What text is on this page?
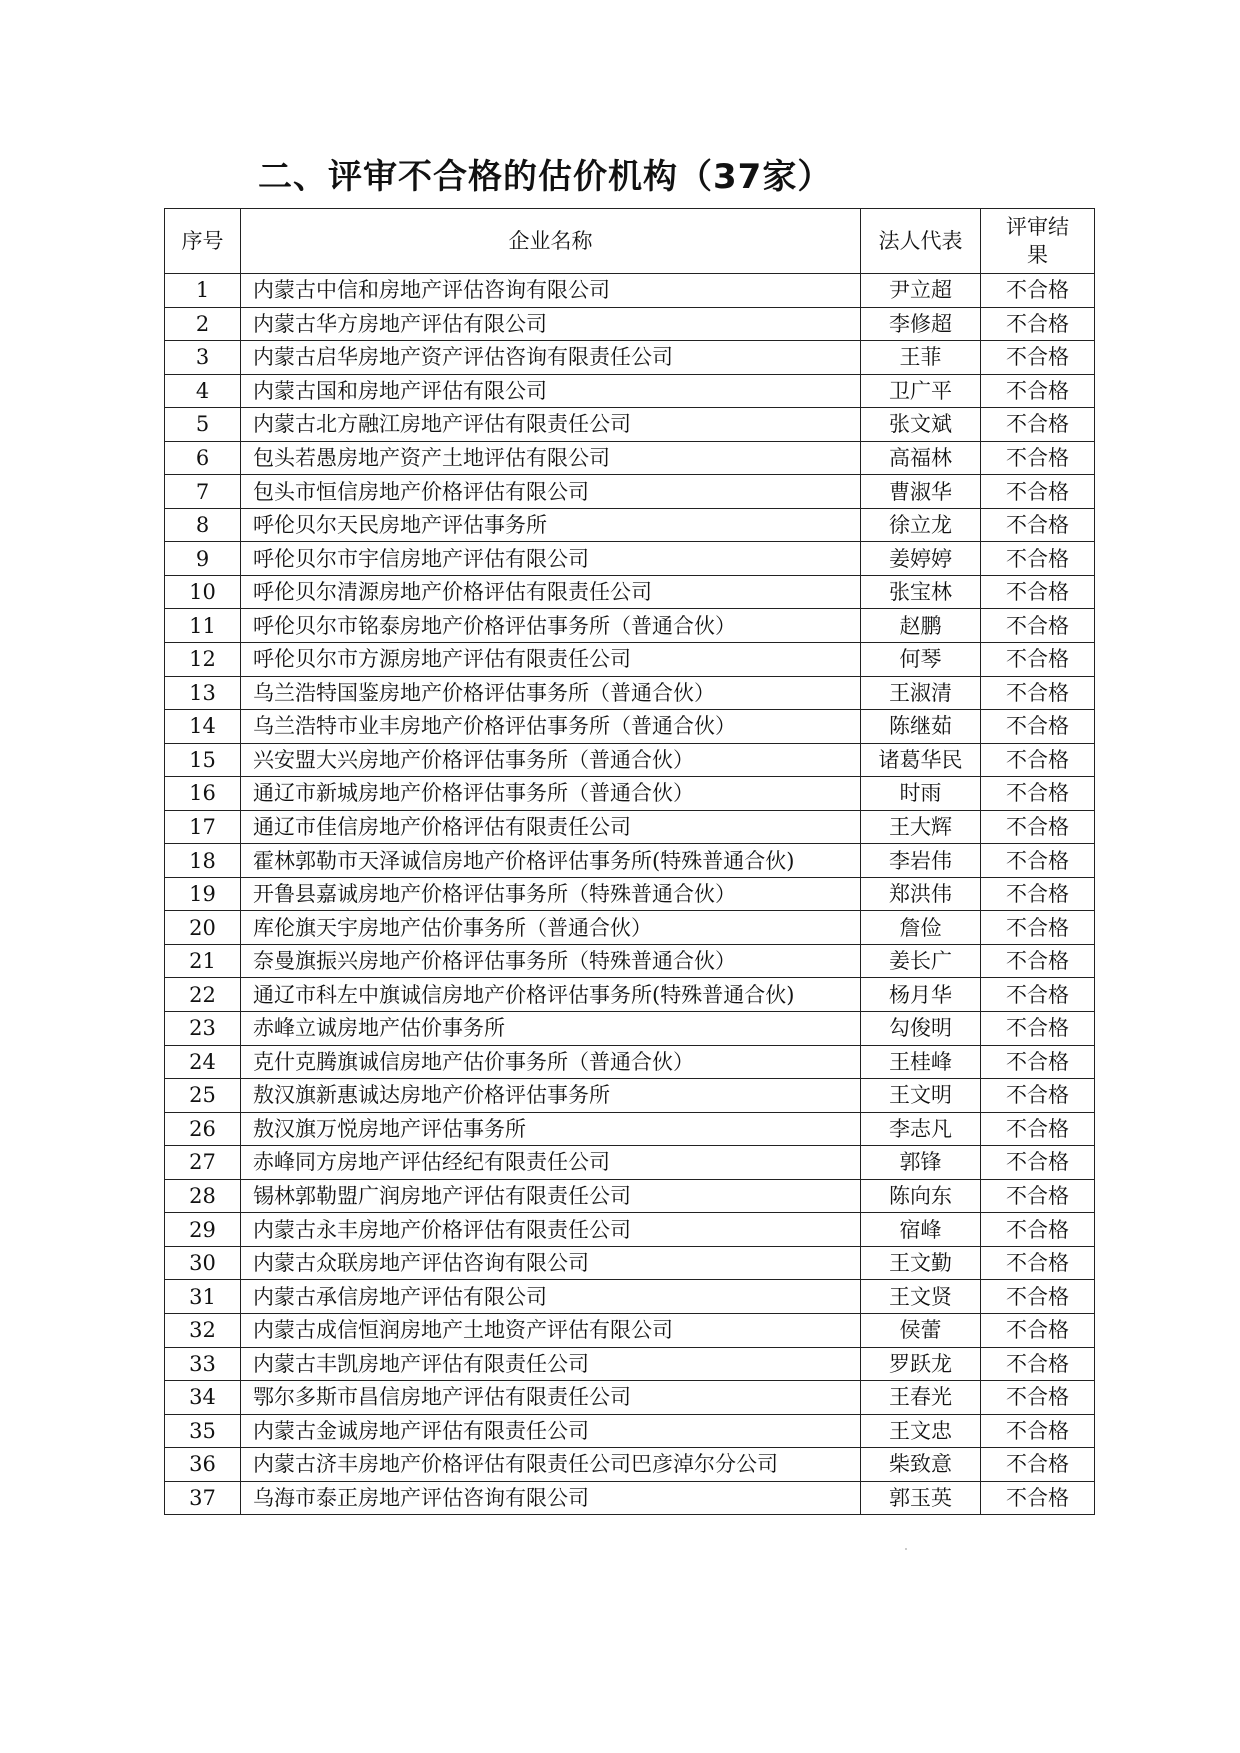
二、评审不合格的估价机构（37家）
序号	企业名称	法人代表	评审结果
1	内蒙古中信和房地产评估咨询有限公司	尹立超	不合格
2	内蒙古华方房地产评估有限公司	李修超	不合格
3	内蒙古启华房地产资产评估咨询有限责任公司	王菲	不合格
4	内蒙古国和房地产评估有限公司	卫广平	不合格
5	内蒙古北方融江房地产评估有限责任公司	张文斌	不合格
6	包头若愚房地产资产土地评估有限公司	高福林	不合格
7	包头市恒信房地产价格评估有限公司	曹淑华	不合格
8	呼伦贝尔天民房地产评估事务所	徐立龙	不合格
9	呼伦贝尔市宇信房地产评估有限公司	姜婷婷	不合格
10	呼伦贝尔清源房地产价格评估有限责任公司	张宝林	不合格
11	呼伦贝尔市铭泰房地产价格评估事务所（普通合伙）	赵鹏	不合格
12	呼伦贝尔市方源房地产评估有限责任公司	何琴	不合格
13	乌兰浩特国鉴房地产价格评估事务所（普通合伙）	王淑清	不合格
14	乌兰浩特市业丰房地产价格评估事务所（普通合伙）	陈继茹	不合格
15	兴安盟大兴房地产价格评估事务所（普通合伙）	诸葛华民	不合格
16	通辽市新城房地产价格评估事务所（普通合伙）	时雨	不合格
17	通辽市佳信房地产价格评估有限责任公司	王大辉	不合格
18	霍林郭勒市天泽诚信房地产价格评估事务所(特殊普通合伙)	李岩伟	不合格
19	开鲁县嘉诚房地产价格评估事务所（特殊普通合伙）	郑洪伟	不合格
20	库伦旗天宇房地产估价事务所（普通合伙）	詹俭	不合格
21	奈曼旗振兴房地产价格评估事务所（特殊普通合伙）	姜长广	不合格
22	通辽市科左中旗诚信房地产价格评估事务所(特殊普通合伙)	杨月华	不合格
23	赤峰立诚房地产估价事务所	勾俊明	不合格
24	克什克腾旗诚信房地产估价事务所（普通合伙）	王桂峰	不合格
25	敖汉旗新惠诚达房地产价格评估事务所	王文明	不合格
26	敖汉旗万悦房地产评估事务所	李志凡	不合格
27	赤峰同方房地产评估经纪有限责任公司	郭锋	不合格
28	锡林郭勒盟广润房地产评估有限责任公司	陈向东	不合格
29	内蒙古永丰房地产价格评估有限责任公司	宿峰	不合格
30	内蒙古众联房地产评估咨询有限公司	王文勤	不合格
31	内蒙古承信房地产评估有限公司	王文贤	不合格
32	内蒙古成信恒润房地产土地资产评估有限公司	侯蕾	不合格
33	内蒙古丰凯房地产评估有限责任公司	罗跃龙	不合格
34	鄂尔多斯市昌信房地产评估有限责任公司	王春光	不合格
35	内蒙古金诚房地产评估有限责任公司	王文忠	不合格
36	内蒙古济丰房地产价格评估有限责任公司巴彦淖尔分公司	柴致意	不合格
37	乌海市泰正房地产评估咨询有限公司	郭玉英	不合格
